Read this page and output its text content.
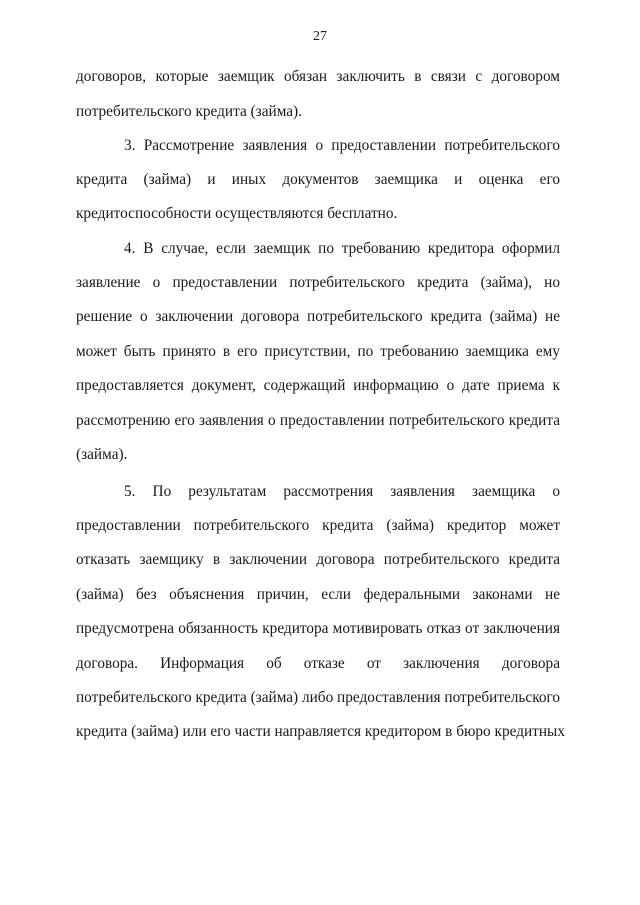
27
договоров, которые заемщик обязан заключить в связи с договором
потребительского кредита (займа).
3. Рассмотрение заявления о предоставлении потребительского
кредита (займа) и иных документов заемщика и оценка его
кредитоспособности осуществляются бесплатно.
4. В случае, если заемщик по требованию кредитора оформил
заявление о предоставлении потребительского кредита (займа), но
решение о заключении договора потребительского кредита (займа) не
может быть принято в его присутствии, по требованию заемщика ему
предоставляется документ, содержащий информацию о дате приема к
рассмотрению его заявления о предоставлении потребительского кредита
(займа).
5. По результатам рассмотрения заявления заемщика о
предоставлении потребительского кредита (займа) кредитор может
отказать заемщику в заключении договора потребительского кредита
(займа) без объяснения причин, если федеральными законами не
предусмотрена обязанность кредитора мотивировать отказ от заключения
договора. Информация об отказе от заключения договора
потребительского кредита (займа) либо предоставления потребительского
кредита (займа) или его части направляется кредитором в бюро кредитных
